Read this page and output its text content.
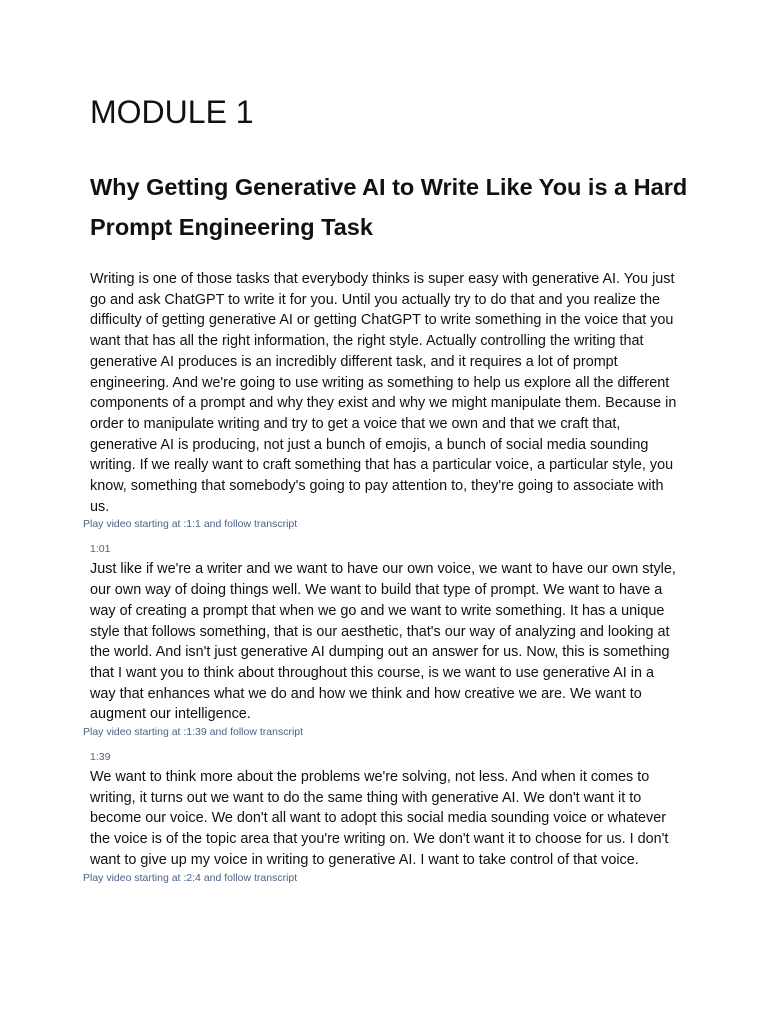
MODULE 1
Why Getting Generative AI to Write Like You is a Hard Prompt Engineering Task

Writing is one of those tasks that everybody thinks is super easy with generative AI. You just go and ask ChatGPT to write it for you. Until you actually try to do that and you realize the difficulty of getting generative AI or getting ChatGPT to write something in the voice that you want that has all the right information, the right style. Actually controlling the writing that generative AI produces is an incredibly different task, and it requires a lot of prompt engineering. And we're going to use writing as something to help us explore all the different components of a prompt and why they exist and why we might manipulate them. Because in order to manipulate writing and try to get a voice that we own and that we craft that, generative AI is producing, not just a bunch of emojis, a bunch of social media sounding writing. If we really want to craft something that has a particular voice, a particular style, you know, something that somebody's going to pay attention to, they're going to associate with us.

Play video starting at :1:1 and follow transcript
1:01

Just like if we're a writer and we want to have our own voice, we want to have our own style, our own way of doing things well. We want to build that type of prompt. We want to have a way of creating a prompt that when we go and we want to write something. It has a unique style that follows something, that is our aesthetic, that's our way of analyzing and looking at the world. And isn't just generative AI dumping out an answer for us. Now, this is something that I want you to think about throughout this course, is we want to use generative AI in a way that enhances what we do and how we think and how creative we are. We want to augment our intelligence.

Play video starting at :1:39 and follow transcript
1:39

We want to think more about the problems we're solving, not less. And when it comes to writing, it turns out we want to do the same thing with generative AI. We don't want it to become our voice. We don't all want to adopt this social media sounding voice or whatever the voice is of the topic area that you're writing on. We don't want it to choose for us. I don't want to give up my voice in writing to generative AI. I want to take control of that voice.

Play video starting at :2:4 and follow transcript
